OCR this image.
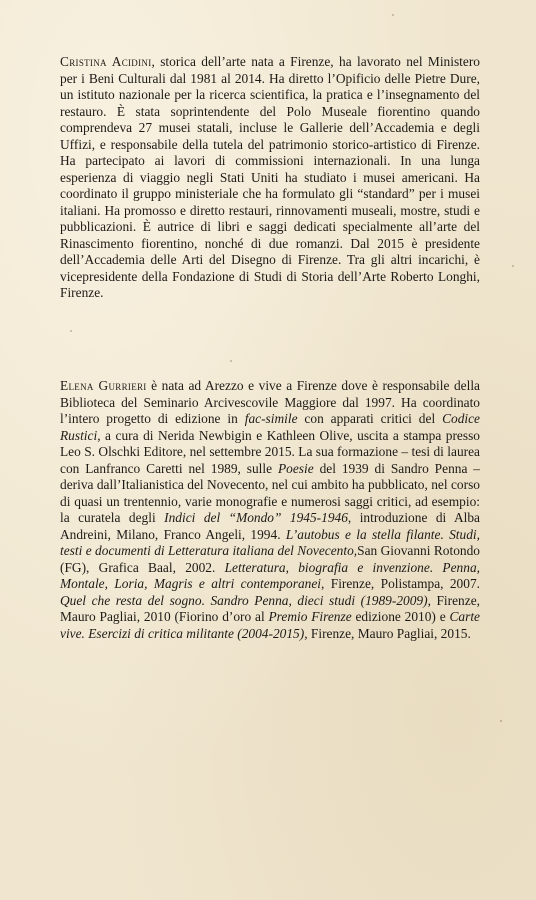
Cristina Acidini, storica dell’arte nata a Firenze, ha lavorato nel Ministero per i Beni Culturali dal 1981 al 2014. Ha diretto l’Opificio delle Pietre Dure, un istituto nazionale per la ricerca scientifica, la pratica e l’insegnamento del restauro. È stata soprintendente del Polo Museale fiorentino quando comprendeva 27 musei statali, incluse le Gallerie dell’Accademia e degli Uffizi, e responsabile della tutela del patrimonio storico-artistico di Firenze. Ha partecipato ai lavori di commissioni internazionali. In una lunga esperienza di viaggio negli Stati Uniti ha studiato i musei americani. Ha coordinato il gruppo ministeriale che ha formulato gli “standard” per i musei italiani. Ha promosso e diretto restauri, rinnovamenti museali, mostre, studi e pubblicazioni. È autrice di libri e saggi dedicati specialmente all’arte del Rinascimento fiorentino, nonché di due romanzi. Dal 2015 è presidente dell’Accademia delle Arti del Disegno di Firenze. Tra gli altri incarichi, è vicepresidente della Fondazione di Studi di Storia dell’Arte Roberto Longhi, Firenze.

Elena Gurrieri è nata ad Arezzo e vive a Firenze dove è responsabile della Biblioteca del Seminario Arcivescovile Maggiore dal 1997. Ha coordinato l’intero progetto di edizione in fac-simile con apparati critici del Codice Rustici, a cura di Nerida Newbigin e Kathleen Olive, uscita a stampa presso Leo S. Olschki Editore, nel settembre 2015. La sua formazione – tesi di laurea con Lanfranco Caretti nel 1989, sulle Poesie del 1939 di Sandro Penna – deriva dall’Italianistica del Novecento, nel cui ambito ha pubblicato, nel corso di quasi un trentennio, varie monografie e numerosi saggi critici, ad esempio: la curatela degli Indici del “Mondo” 1945-1946, introduzione di Alba Andreini, Milano, Franco Angeli, 1994. L’autobus e la stella filante. Studi, testi e documenti di Letteratura italiana del Novecento,San Giovanni Rotondo (FG), Grafica Baal, 2002. Letteratura, biografia e invenzione. Penna, Montale, Loria, Magris e altri contemporanei, Firenze, Polistampa, 2007. Quel che resta del sogno. Sandro Penna, dieci studi (1989-2009), Firenze, Mauro Pagliai, 2010 (Fiorino d’oro al Premio Firenze edizione 2010) e Carte vive. Esercizi di critica militante (2004-2015), Firenze, Mauro Pagliai, 2015.
